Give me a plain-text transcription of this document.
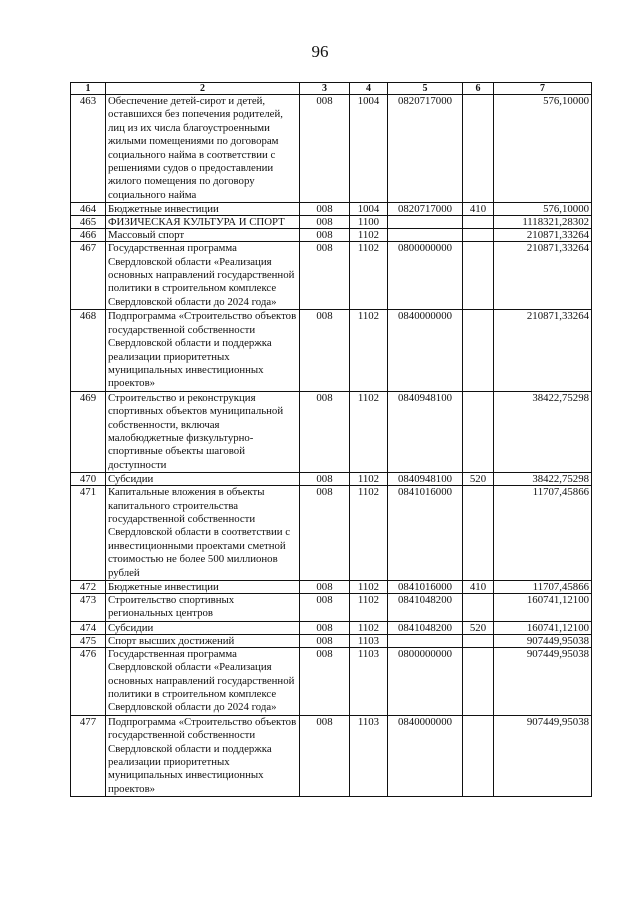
96
1	2	3	4	5	6	7
463	Обеспечение детей-сирот и детей, оставшихся без попечения родителей, лиц из их числа благоустроенными жилыми помещениями по договорам социального найма в соответствии с решениями судов о предоставлении жилого помещения по договору социального найма	008	1004	0820717000		576,10000
464	Бюджетные инвестиции	008	1004	0820717000	410	576,10000
465	ФИЗИЧЕСКАЯ КУЛЬТУРА И СПОРТ	008	1100			1118321,28302
466	Массовый спорт	008	1102			210871,33264
467	Государственная программа Свердловской области «Реализация основных направлений государственной политики в строительном комплексе Свердловской области до 2024 года»	008	1102	0800000000		210871,33264
468	Подпрограмма «Строительство объектов государственной собственности Свердловской области и поддержка реализации приоритетных муниципальных инвестиционных проектов»	008	1102	0840000000		210871,33264
469	Строительство и реконструкция спортивных объектов муниципальной собственности, включая малобюджетные физкультурно-спортивные объекты шаговой доступности	008	1102	0840948100		38422,75298
470	Субсидии	008	1102	0840948100	520	38422,75298
471	Капитальные вложения в объекты капитального строительства государственной собственности Свердловской области в соответствии с инвестиционными проектами сметной стоимостью не более 500 миллионов рублей	008	1102	0841016000		11707,45866
472	Бюджетные инвестиции	008	1102	0841016000	410	11707,45866
473	Строительство спортивных региональных центров	008	1102	0841048200		160741,12100
474	Субсидии	008	1102	0841048200	520	160741,12100
475	Спорт высших достижений	008	1103			907449,95038
476	Государственная программа Свердловской области «Реализация основных направлений государственной политики в строительном комплексе Свердловской области до 2024 года»	008	1103	0800000000		907449,95038
477	Подпрограмма «Строительство объектов государственной собственности Свердловской области и поддержка реализации приоритетных муниципальных инвестиционных проектов»	008	1103	0840000000		907449,95038
